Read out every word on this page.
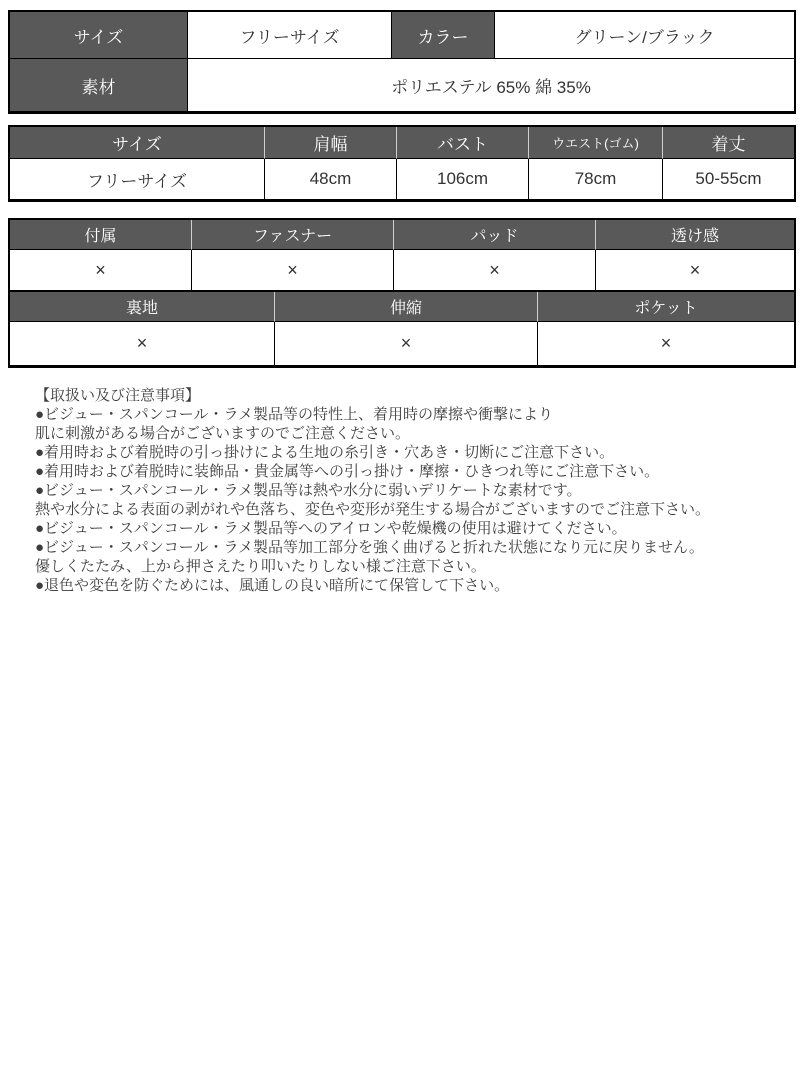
サイズ	フリーサイズ	カラー	グリーン/ブラック
素材	ポリエステル 65% 綿 35%		
サイズ	肩幅	バスト	ウエスト(ゴム)	着丈
フリーサイズ	48cm	106cm	78cm	50-55cm
付属	ファスナー	パッド	透け感
×	×	×	×
裏地	伸縮	ポケット
×	×	×
【取扱い及び注意事項】
●ビジュー・スパンコール・ラメ製品等の特性上、着用時の摩擦や衝撃により
肌に刺激がある場合がございますのでご注意ください。
●着用時および着脱時の引っ掛けによる生地の糸引き・穴あき・切断にご注意下さい。
●着用時および着脱時に装飾品・貴金属等への引っ掛け・摩擦・ひきつれ等にご注意下さい。
●ビジュー・スパンコール・ラメ製品等は熱や水分に弱いデリケートな素材です。
熱や水分による表面の剥がれや色落ち、変色や変形が発生する場合がございますのでご注意下さい。
●ビジュー・スパンコール・ラメ製品等へのアイロンや乾燥機の使用は避けてください。
●ビジュー・スパンコール・ラメ製品等加工部分を強く曲げると折れた状態になり元に戻りません。
優しくたたみ、上から押さえたり叩いたりしない様ご注意下さい。
●退色や変色を防ぐためには、風通しの良い暗所にて保管して下さい。
